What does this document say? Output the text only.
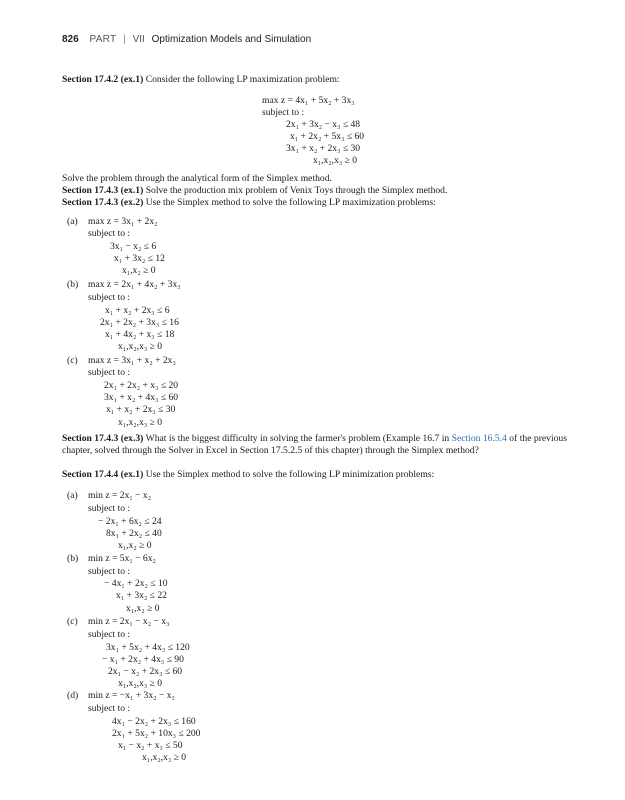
826 PART | VII Optimization Models and Simulation
Section 17.4.2 (ex.1) Consider the following LP maximization problem:
max z = 4x₁ + 5x₂ + 3x₃
subject to :
2x₁ + 3x₂ − x₃ ≤ 48
x₁ + 2x₂ + 5x₃ ≤ 60
3x₁ + x₂ + 2x₃ ≤ 30
x₁,x₂,x₃ ≥ 0
Solve the problem through the analytical form of the Simplex method.
Section 17.4.3 (ex.1) Solve the production mix problem of Venix Toys through the Simplex method.
Section 17.4.3 (ex.2) Use the Simplex method to solve the following LP maximization problems:
(a) max z = 3x₁ + 2x₂
subject to :
3x₁ − x₂ ≤ 6
x₁ + 3x₂ ≤ 12
x₁,x₂ ≥ 0
(b) max z = 2x₁ + 4x₂ + 3x₃
subject to :
x₁ + x₂ + 2x₃ ≤ 6
2x₁ + 2x₂ + 3x₃ ≤ 16
x₁ + 4x₂ + x₃ ≤ 18
x₁,x₂,x₃ ≥ 0
(c) max z = 3x₁ + x₂ + 2x₃
subject to :
2x₁ + 2x₂ + x₃ ≤ 20
3x₁ + x₂ + 4x₃ ≤ 60
x₁ + x₂ + 2x₃ ≤ 30
x₁,x₂,x₃ ≥ 0
Section 17.4.3 (ex.3) What is the biggest difficulty in solving the farmer's problem (Example 16.7 in Section 16.5.4 of the previous chapter, solved through the Solver in Excel in Section 17.5.2.5 of this chapter) through the Simplex method?
Section 17.4.4 (ex.1) Use the Simplex method to solve the following LP minimization problems:
(a) min z = 2x₁ − x₂
subject to :
− 2x₁ + 6x₂ ≤ 24
8x₁ + 2x₂ ≤ 40
x₁,x₂ ≥ 0
(b) min z = 5x₁ − 6x₂
subject to :
− 4x₁ + 2x₂ ≤ 10
x₁ + 3x₂ ≤ 22
x₁,x₂ ≥ 0
(c) min z = 2x₁ − x₂ − x₃
subject to :
3x₁ + 5x₂ + 4x₃ ≤ 120
− x₁ + 2x₂ + 4x₃ ≤ 90
2x₁ − x₂ + 2x₃ ≤ 60
x₁,x₂,x₃ ≥ 0
(d) min z = −x₁ + 3x₂ − x₃
subject to :
4x₁ − 2x₂ + 2x₃ ≤ 160
2x₁ + 5x₂ + 10x₃ ≤ 200
x₁ − x₂ + x₃ ≤ 50
x₁,x₂,x₃ ≥ 0
